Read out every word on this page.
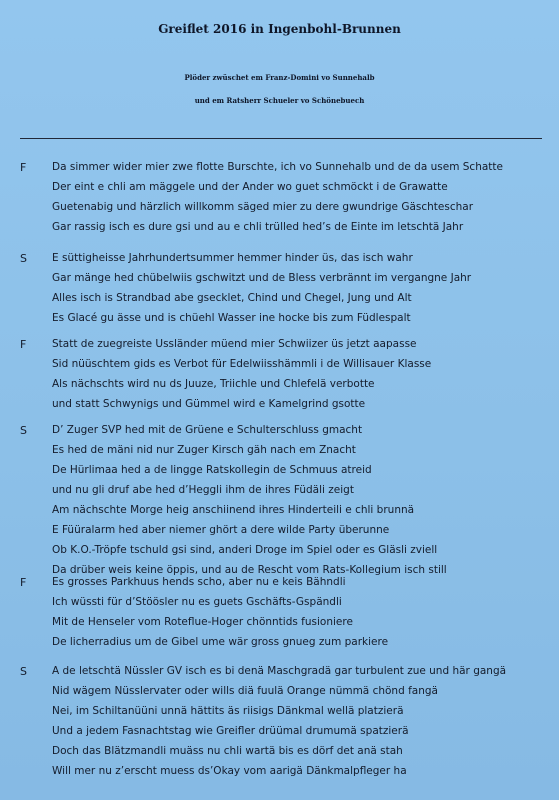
Greiflet 2016 in Ingenbohl-Brunnen
Plöder zwüschet em Franz-Domini vo Sunnehalb
und em Ratsherr Schueler vo Schönebuech
F Da simmer wider mier zwe flotte Burschte, ich vo Sunnehalb und de da usem Schatte
Der eint e chli am mäggele und der Ander wo guet schmöckt i de Grawatte
Guetenabig und härzlich willkomm säged mier zu dere gwundrige Gäschteschar
Gar rassig isch es dure gsi und au e chli trülled hed’s de Einte im letschtä Jahr
S E süttigheisse Jahrhundertsummer hemmer hinder üs, das isch wahr
Gar mänge hed chübelwiis gschwitzt und de Bless verbrännt im vergangne Jahr
Alles isch is Strandbad abe gsecklet, Chind und Chegel, Jung und Alt
Es Glacé gu ässe und is chüehl Wasser ine hocke bis zum Füdlespalt
F Statt de zuegreiste Ussländer müend mier Schwiizer üs jetzt aapasse
Sid nüüschtem gids es Verbot für Edelwiisshämmli i de Willisauer Klasse
Als nächschts wird nu ds Juuze, Triichle und Chlefelä verbotte
und statt Schwynigs und Gümmel wird e Kamelgrind gsotte
S D’ Zuger SVP hed mit de Grüene e Schulterschluss gmacht
Es hed de mäni nid nur Zuger Kirsch gäh nach em Znacht
De Hürlimaa hed a de lingge Ratskollegin de Schmuus atreid
und nu gli druf abe hed d’Heggli ihm de ihres Füdäli zeigt
Am nächschte Morge heig anschiinend ihres Hinderteili e chli brunnä
E Füüralarm hed aber niemer ghört a dere wilde Party überunne
Ob K.O.-Tröpfe tschuld gsi sind, anderi Droge im Spiel oder es Gläsli zviell
Da drüber weis keine öppis, und au de Rescht vom Rats-Kollegium isch still
F Es grosses Parkhuus hends scho, aber nu e keis Bähndli
Ich wüssti für d’Stöösler nu es guets Gschäfts-Gspändli
Mit de Henseler vom Roteflue-Hoger chönntids fusioniere
De licherradius um de Gibel ume wär gross gnueg zum parkiere
S A de letschtä Nüssler GV isch es bi denä Maschgradä gar turbulent zue und här gangä
Nid wägem Nüsslervater oder wills diä fuulä Orange nümmä chönd fangä
Nei, im Schiltanüüni unnä hättits äs riisigs Dänkmal wellä platzierä
Und a jedem Fasnachtstag wie Greifler drüümal drumumä spatzierä
Doch das Blätzmandli muäss nu chli wartä bis es dörf det anä stah
Will mer nu z’erscht muess ds’Okay vom aarigä Dänkmalpfleger ha
